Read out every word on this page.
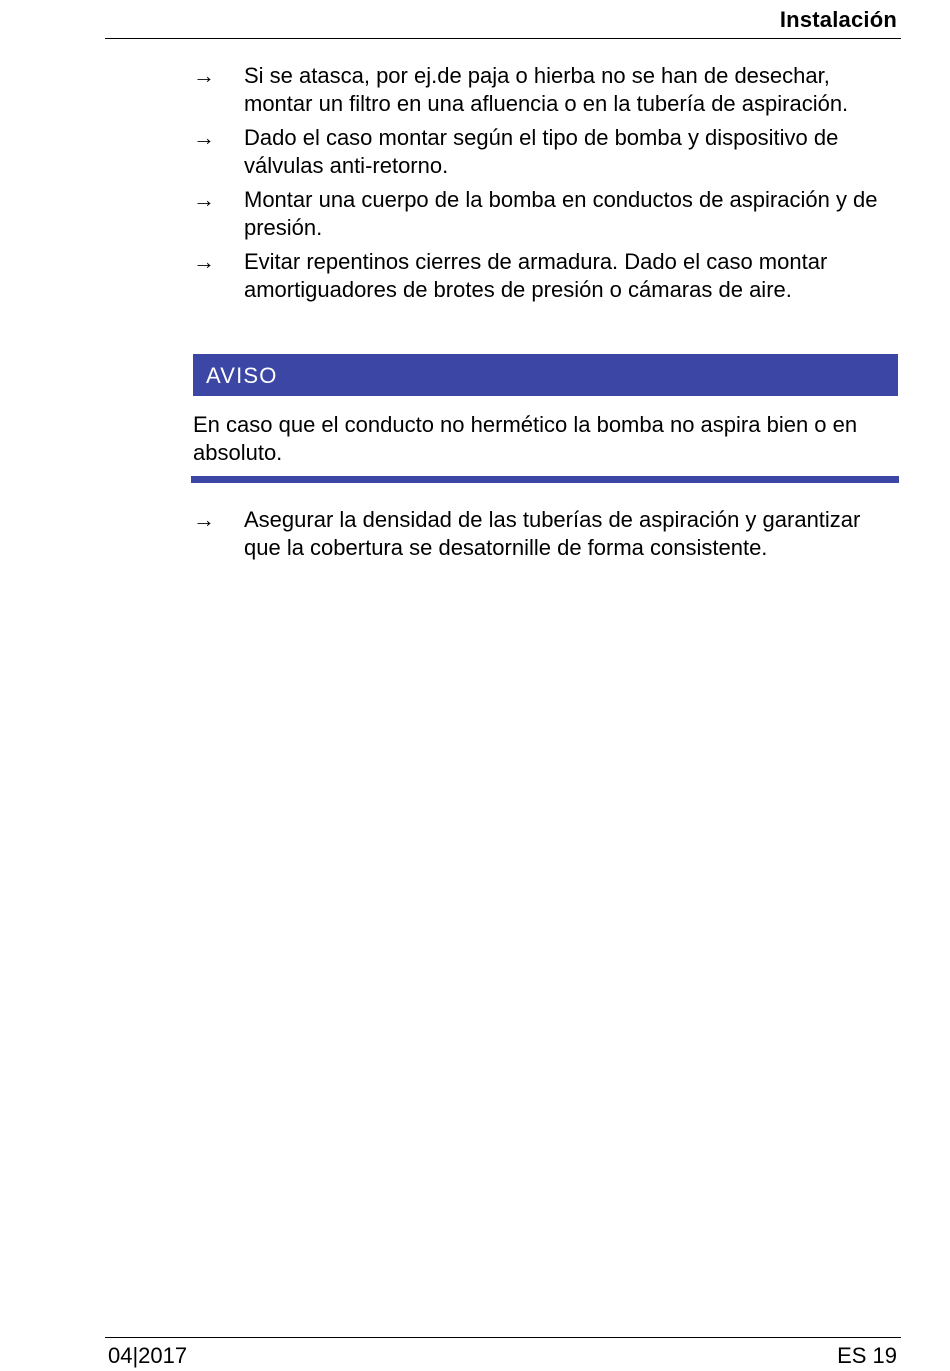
Instalación
→	Si se atasca, por ej.de paja o hierba no se han de desechar, montar un filtro en una afluencia o en la tubería de aspiración.
→	Dado el caso montar según el tipo de bomba y dispositivo de válvulas anti-retorno.
→	Montar una cuerpo de la bomba en conductos de aspiración y de presión.
→	Evitar repentinos cierres de armadura. Dado el caso montar amortiguadores de brotes de presión o cámaras de aire.
AVISO
En caso que el conducto no hermético la bomba no aspira bien o en absoluto.
→	Asegurar la densidad de las tuberías de aspiración y garantizar que la cobertura se desatornille de forma consistente.
04|2017	ES 19
